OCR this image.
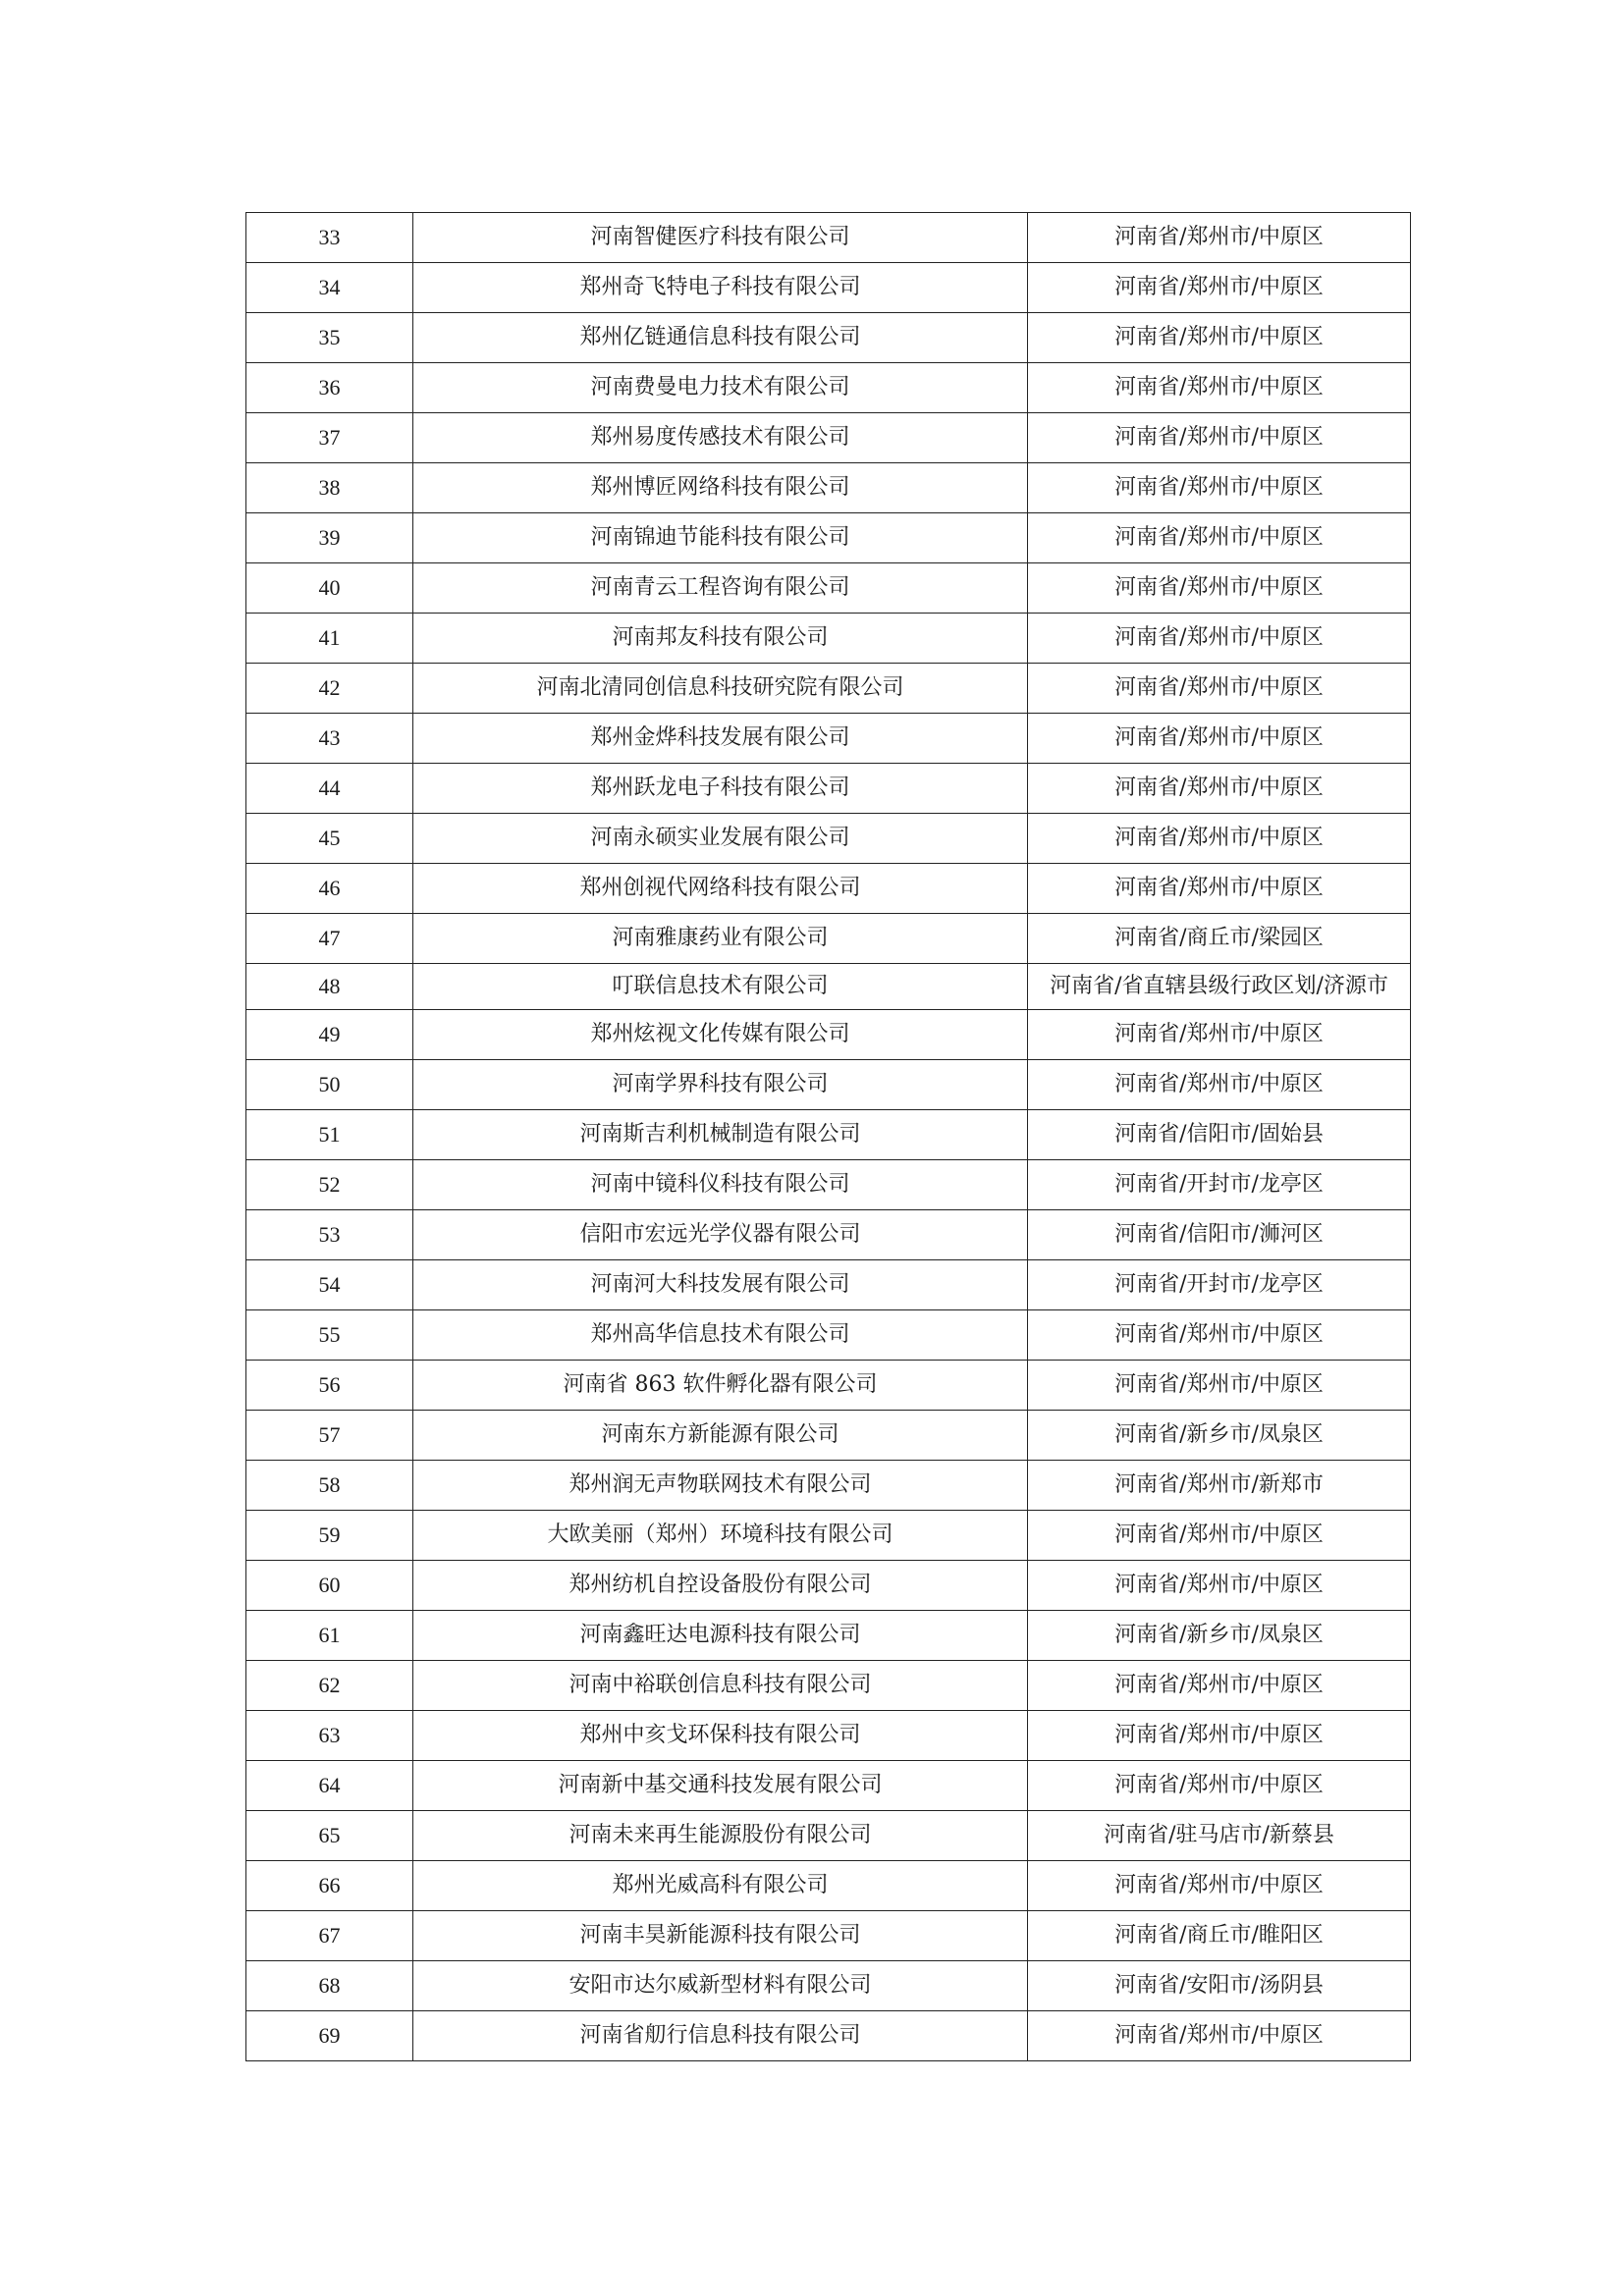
33	河南智健医疗科技有限公司	河南省/郑州市/中原区
34	郑州奇飞特电子科技有限公司	河南省/郑州市/中原区
35	郑州亿链通信息科技有限公司	河南省/郑州市/中原区
36	河南费曼电力技术有限公司	河南省/郑州市/中原区
37	郑州易度传感技术有限公司	河南省/郑州市/中原区
38	郑州博匠网络科技有限公司	河南省/郑州市/中原区
39	河南锦迪节能科技有限公司	河南省/郑州市/中原区
40	河南青云工程咨询有限公司	河南省/郑州市/中原区
41	河南邦友科技有限公司	河南省/郑州市/中原区
42	河南北清同创信息科技研究院有限公司	河南省/郑州市/中原区
43	郑州金烨科技发展有限公司	河南省/郑州市/中原区
44	郑州跃龙电子科技有限公司	河南省/郑州市/中原区
45	河南永硕实业发展有限公司	河南省/郑州市/中原区
46	郑州创视代网络科技有限公司	河南省/郑州市/中原区
47	河南雅康药业有限公司	河南省/商丘市/梁园区
48	叮联信息技术有限公司	河南省/省直辖县级行政区划/济源市
49	郑州炫视文化传媒有限公司	河南省/郑州市/中原区
50	河南学界科技有限公司	河南省/郑州市/中原区
51	河南斯吉利机械制造有限公司	河南省/信阳市/固始县
52	河南中镜科仪科技有限公司	河南省/开封市/龙亭区
53	信阳市宏远光学仪器有限公司	河南省/信阳市/浉河区
54	河南河大科技发展有限公司	河南省/开封市/龙亭区
55	郑州高华信息技术有限公司	河南省/郑州市/中原区
56	河南省 863 软件孵化器有限公司	河南省/郑州市/中原区
57	河南东方新能源有限公司	河南省/新乡市/凤泉区
58	郑州润无声物联网技术有限公司	河南省/郑州市/新郑市
59	大欧美丽（郑州）环境科技有限公司	河南省/郑州市/中原区
60	郑州纺机自控设备股份有限公司	河南省/郑州市/中原区
61	河南鑫旺达电源科技有限公司	河南省/新乡市/凤泉区
62	河南中裕联创信息科技有限公司	河南省/郑州市/中原区
63	郑州中亥戈环保科技有限公司	河南省/郑州市/中原区
64	河南新中基交通科技发展有限公司	河南省/郑州市/中原区
65	河南未来再生能源股份有限公司	河南省/驻马店市/新蔡县
66	郑州光威高科有限公司	河南省/郑州市/中原区
67	河南丰昊新能源科技有限公司	河南省/商丘市/睢阳区
68	安阳市达尔威新型材料有限公司	河南省/安阳市/汤阴县
69	河南省舠行信息科技有限公司	河南省/郑州市/中原区
